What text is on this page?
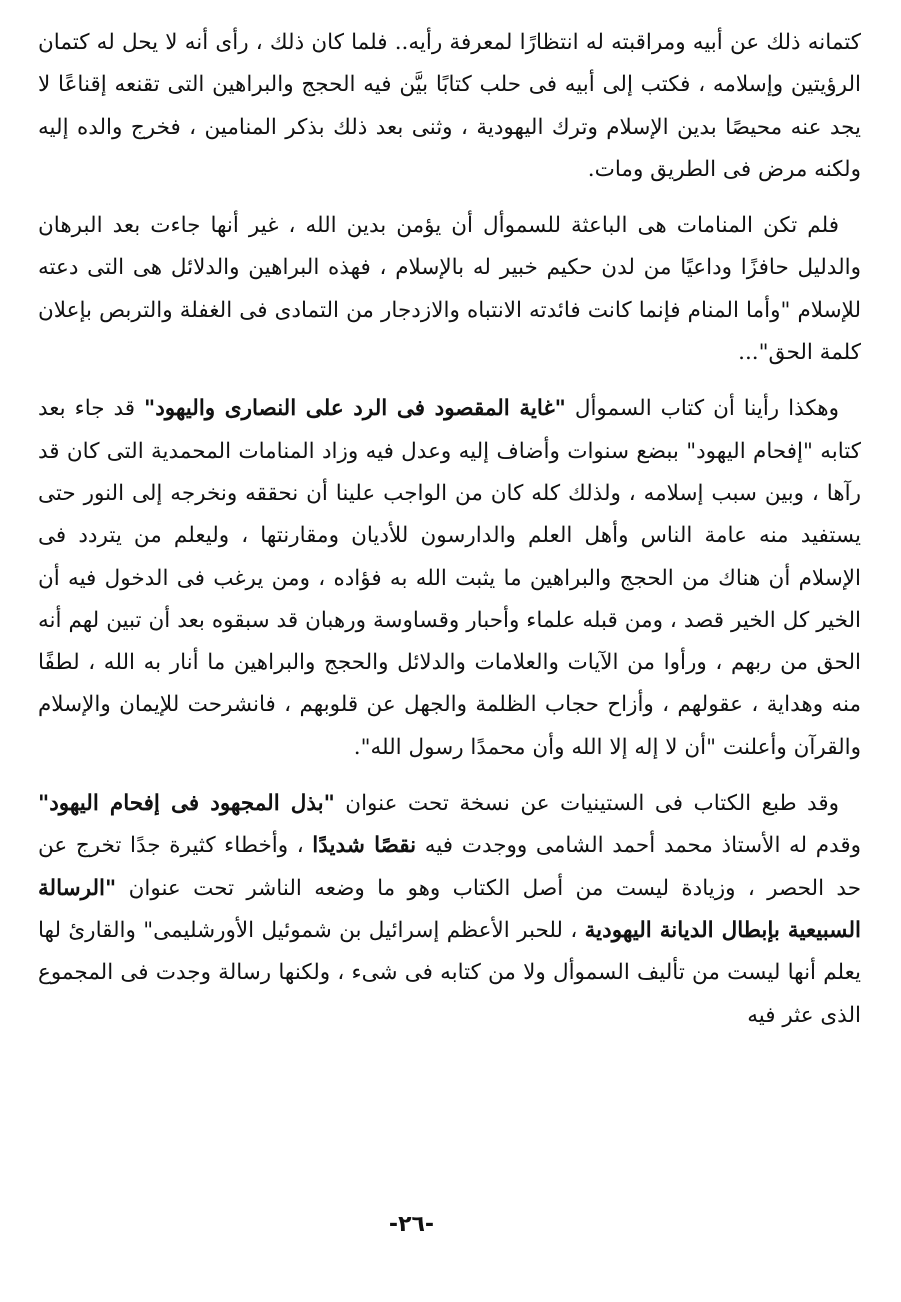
كتمانه ذلك عن أبيه ومراقبته له انتظارًا لمعرفة رأيه.. فلما كان ذلك ، رأى أنه لا يحل له كتمان الرؤيتين وإسلامه ، فكتب إلى أبيه فى حلب كتابًا بيَّن فيه الحجج والبراهين التى تقنعه إقناعًا لا يجد عنه محيصًا بدين الإسلام وترك اليهودية ، وثنى بعد ذلك بذكر المنامين ، فخرج والده إليه ولكنه مرض فى الطريق ومات.

فلم تكن المنامات هى الباعثة للسموأل أن يؤمن بدين الله ، غير أنها جاءت بعد البرهان والدليل حافزًا وداعيًا من لدن حكيم خبير له بالإسلام ، فهذه البراهين والدلائل هى التى دعته للإسلام "وأما المنام فإنما كانت فائدته الانتباه والازدجار من التمادى فى الغفلة والتربص بإعلان كلمة الحق"...

وهكذا رأينا أن كتاب السموأل "غاية المقصود فى الرد على النصارى واليهود" قد جاء بعد كتابه "إفحام اليهود" ببضع سنوات وأضاف إليه وعدل فيه وزاد المنامات المحمدية التى كان قد رآها ، وبين سبب إسلامه ، ولذلك كله كان من الواجب علينا أن نحققه ونخرجه إلى النور حتى يستفيد منه عامة الناس وأهل العلم والدارسون للأديان ومقارنتها ، وليعلم من يتردد فى الإسلام أن هناك من الحجج والبراهين ما يثبت الله به فؤاده ، ومن يرغب فى الدخول فيه أن الخير كل الخير قصد ، ومن قبله علماء وأحبار وقساوسة ورهبان قد سبقوه بعد أن تبين لهم أنه الحق من ربهم ، ورأوا من الآيات والعلامات والدلائل والحجج والبراهين ما أنار به الله ، لطفًا منه وهداية ، عقولهم ، وأزاح حجاب الظلمة والجهل عن قلوبهم ، فانشرحت للإيمان والإسلام والقرآن وأعلنت "أن لا إله إلا الله وأن محمدًا رسول الله".

وقد طبع الكتاب فى الستينيات عن نسخة تحت عنوان "بذل المجهود فى إفحام اليهود" وقدم له الأستاذ محمد أحمد الشامى ووجدت فيه نقصًا شديدًا ، وأخطاء كثيرة جدًا تخرج عن حد الحصر ، وزيادة ليست من أصل الكتاب وهو ما وضعه الناشر تحت عنوان "الرسالة السبيعية بإبطال الديانة اليهودية ، للحبر الأعظم إسرائيل بن شموئيل الأورشليمى" والقارئ لها يعلم أنها ليست من تأليف السموأل ولا من كتابه فى شىء ، ولكنها رسالة وجدت فى المجموع الذى عثر فيه

-٢٦-
